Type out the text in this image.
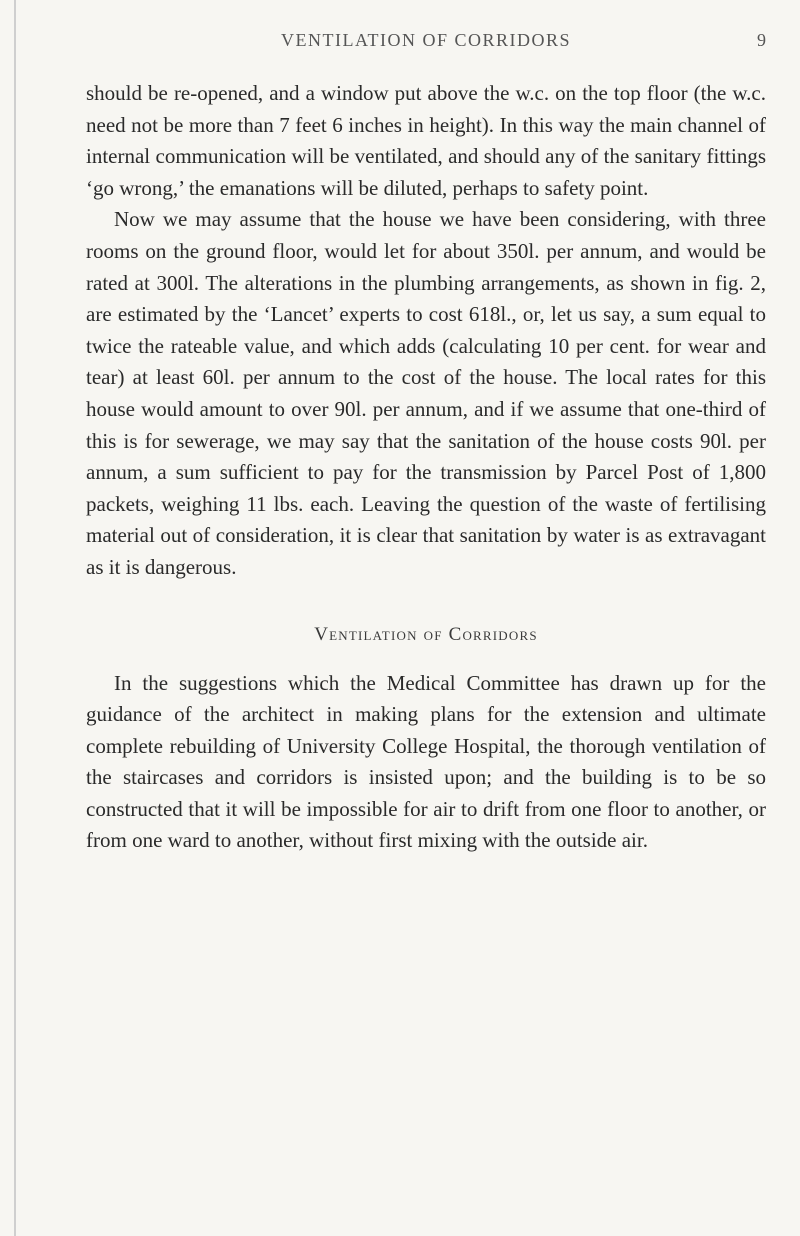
VENTILATION OF CORRIDORS	9

should be re-opened, and a window put above the w.c. on the top floor (the w.c. need not be more than 7 feet 6 inches in height). In this way the main channel of internal communication will be ventilated, and should any of the sanitary fittings ‘go wrong,’ the emanations will be diluted, perhaps to safety point.

Now we may assume that the house we have been considering, with three rooms on the ground floor, would let for about 350l. per annum, and would be rated at 300l. The alterations in the plumbing arrangements, as shown in fig. 2, are estimated by the ‘Lancet’ experts to cost 618l., or, let us say, a sum equal to twice the rateable value, and which adds (calculating 10 per cent. for wear and tear) at least 60l. per annum to the cost of the house. The local rates for this house would amount to over 90l. per annum, and if we assume that one-third of this is for sewerage, we may say that the sanitation of the house costs 90l. per annum, a sum sufficient to pay for the transmission by Parcel Post of 1,800 packets, weighing 11 lbs. each. Leaving the question of the waste of fertilising material out of consideration, it is clear that sanitation by water is as extravagant as it is dangerous.

Ventilation of Corridors

In the suggestions which the Medical Committee has drawn up for the guidance of the architect in making plans for the extension and ultimate complete rebuilding of University College Hospital, the thorough ventilation of the staircases and corridors is insisted upon; and the building is to be so constructed that it will be impossible for air to drift from one floor to another, or from one ward to another, without first mixing with the outside air.
